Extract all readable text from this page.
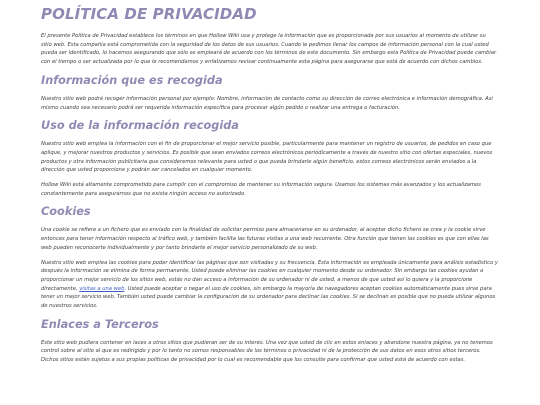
POLÍTICA DE PRIVACIDAD

El presente Política de Privacidad establece los términos en que Hollow Wiki usa y protege la información que es proporcionada por sus usuarios al momento de utilizar su sitio web. Esta compañía está comprometida con la seguridad de los datos de sus usuarios. Cuando le pedimos llenar los campos de información personal con la cual usted pueda ser identificado, lo hacemos asegurando que sólo se empleará de acuerdo con los términos de este documento. Sin embargo esta Política de Privacidad puede cambiar con el tiempo o ser actualizada por lo que le recomendamos y enfatizamos revisar continuamente esta página para asegurarse que está de acuerdo con dichos cambios.

Información que es recogida

Nuestro sitio web podrá recoger información personal por ejemplo: Nombre, información de contacto como su dirección de correo electrónica e información demográfica. Así mismo cuando sea necesario podrá ser requerida información específica para procesar algún pedido o realizar una entrega o facturación.

Uso de la información recogida

Nuestro sitio web emplea la información con el fin de proporcionar el mejor servicio posible, particularmente para mantener un registro de usuarios, de pedidos en caso que aplique, y mejorar nuestros productos y servicios. Es posible que sean enviados correos electrónicos periódicamente a través de nuestro sitio con ofertas especiales, nuevos productos y otra información publicitaria que consideremos relevante para usted o que pueda brindarle algún beneficio, estos correos electrónicos serán enviados a la dirección que usted proporcione y podrán ser cancelados en cualquier momento.

Hollow Wiki está altamente comprometido para cumplir con el compromiso de mantener su información segura. Usamos los sistemas más avanzados y los actualizamos constantemente para asegurarnos que no exista ningún acceso no autorizado.

Cookies

Una cookie se refiere a un fichero que es enviado con la finalidad de solicitar permiso para almacenarse en su ordenador, al aceptar dicho fichero se crea y la cookie sirve entonces para tener información respecto al tráfico web, y también facilita las futuras visitas a una web recurrente. Otra función que tienen las cookies es que con ellas las web pueden reconocerte individualmente y por tanto brindarte el mejor servicio personalizado de su web.

Nuestro sitio web emplea las cookies para poder identificar las páginas que son visitadas y su frecuencia. Esta información es empleada únicamente para análisis estadístico y después la información se elimina de forma permanente. Usted puede eliminar las cookies en cualquier momento desde su ordenador. Sin embargo las cookies ayudan a proporcionar un mejor servicio de los sitios web, estás no dan acceso a información de su ordenador ni de usted, a menos de que usted así lo quiera y la proporcione directamente, visitas a una web. Usted puede aceptar o negar el uso de cookies, sin embargo la mayoría de navegadores aceptan cookies automáticamente pues sirve para tener un mejor servicio web. También usted puede cambiar la configuración de su ordenador para declinar las cookies. Si se declinan es posible que no pueda utilizar algunos de nuestros servicios.

Enlaces a Terceros

Este sitio web pudiera contener en laces a otros sitios que pudieran ser de su interés. Una vez que usted de clic en estos enlaces y abandone nuestra página, ya no tenemos control sobre al sitio al que es redirigido y por lo tanto no somos responsables de los términos o privacidad ni de la protección de sus datos en esos otros sitios terceros. Dichos sitios están sujetos a sus propias políticas de privacidad por lo cual es recomendable que los consulte para confirmar que usted está de acuerdo con estas.
